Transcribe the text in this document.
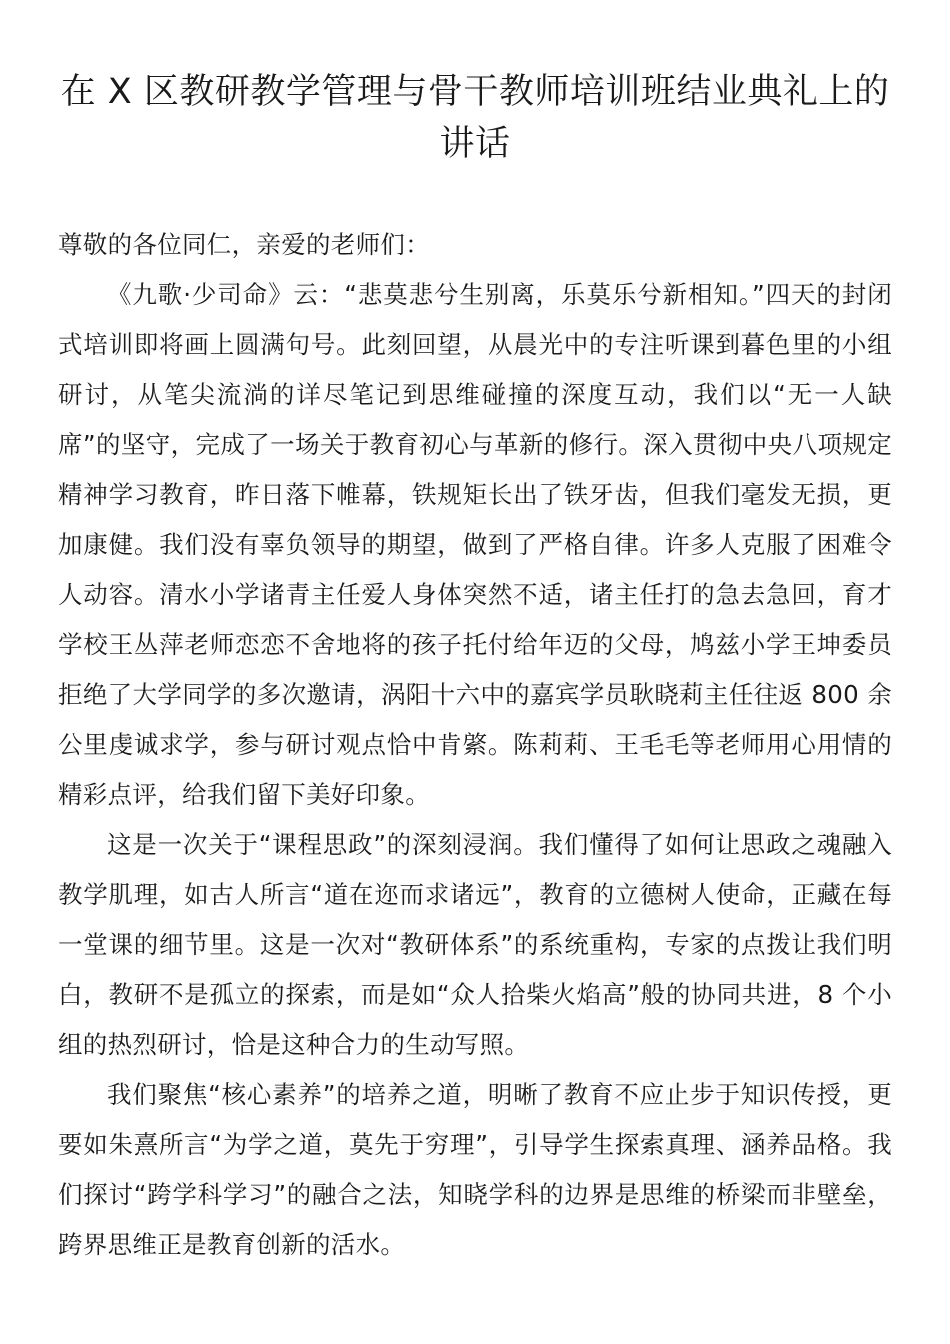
在 X 区教研教学管理与骨干教师培训班结业典礼上的
讲话

尊敬的各位同仁，亲爱的老师们：

《九歌·少司命》云：“悲莫悲兮生别离，乐莫乐兮新相知。”四天的封闭式培训即将画上圆满句号。此刻回望，从晨光中的专注听课到暮色里的小组研讨，从笔尖流淌的详尽笔记到思维碰撞的深度互动，我们以“无一人缺席”的坚守，完成了一场关于教育初心与革新的修行。深入贯彻中央八项规定精神学习教育，昨日落下帷幕，铁规矩长出了铁牙齿，但我们毫发无损，更加康健。我们没有辜负领导的期望，做到了严格自律。许多人克服了困难令人动容。清水小学诸青主任爱人身体突然不适，诸主任打的急去急回，育才学校王丛萍老师恋恋不舍地将的孩子托付给年迈的父母，鸠兹小学王坤委员拒绝了大学同学的多次邀请，涡阳十六中的嘉宾学员耿晓莉主任往返 800 余公里虔诚求学，参与研讨观点恰中肯綮。陈莉莉、王毛毛等老师用心用情的精彩点评，给我们留下美好印象。

这是一次关于“课程思政”的深刻浸润。我们懂得了如何让思政之魂融入教学肌理，如古人所言“道在迩而求诸远”，教育的立德树人使命，正藏在每一堂课的细节里。这是一次对“教研体系”的系统重构，专家的点拨让我们明白，教研不是孤立的探索，而是如“众人拾柴火焰高”般的协同共进，8 个小组的热烈研讨，恰是这种合力的生动写照。

我们聚焦“核心素养”的培养之道，明晰了教育不应止步于知识传授，更要如朱熹所言“为学之道，莫先于穷理”，引导学生探索真理、涵养品格。我们探讨“跨学科学习”的融合之法，知晓学科的边界是思维的桥梁而非壁垒，跨界思维正是教育创新的活水。
